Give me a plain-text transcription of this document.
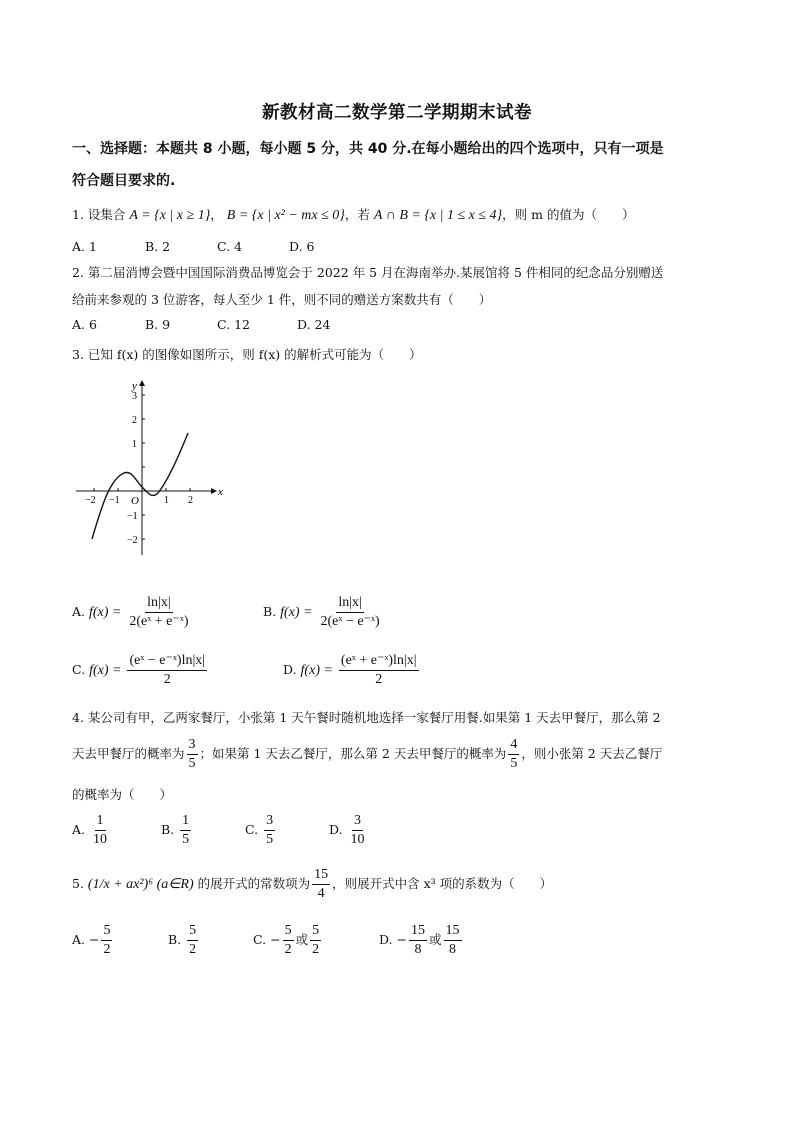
新教材高二数学第二学期期末试卷
一、选择题：本题共 8 小题，每小题 5 分，共 40 分.在每小题给出的四个选项中，只有一项是
符合题目要求的.
1. 设集合 A = {x | x ≥ 1}， B = {x | x² − mx ≤ 0}，若 A ∩ B = {x | 1 ≤ x ≤ 4}，则 m 的值为（　　）
A. 1	B. 2	C. 4	D. 6
2. 第二届消博会暨中国国际消费品博览会于 2022 年 5 月在海南举办.某展馆将 5 件相同的纪念品分别赠送
给前来参观的 3 位游客，每人至少 1 件，则不同的赠送方案数共有（　　）
A. 6	B. 9	C. 12	D. 24
3. 已知 f(x) 的图像如图所示，则 f(x) 的解析式可能为（　　）
x
y
O
−2 −1	1 2
3
2
1
−1
−2
A. $f(x) = \frac{\ln|x|}{\text{2(eˣ + e⁻ˣ)}}$	B. $f(x) = \frac{\ln|x|}{\text{2(eˣ − e⁻ˣ)}}$
C. $f(x) = \frac{\text{(eˣ − e⁻ˣ)ln|x|}}{2}$	D. $f(x) = \frac{\text{(eˣ + e⁻ˣ)ln|x|}}{2}$
4. 某公司有甲，乙两家餐厅，小张第 1 天午餐时随机地选择一家餐厅用餐.如果第 1 天去甲餐厅，那么第 2
天去甲餐厅的概率为 $\frac{3}{5}$ ；如果第 1 天去乙餐厅，那么第 2 天去甲餐厅的概率为 $\frac{4}{5}$ ，则小张第 2 天去乙餐厅
的概率为（　　）
A. $\frac{1}{10}$	B. $\frac{1}{5}$	C. $\frac{3}{5}$	D. $\frac{3}{10}$
5. (1/x + ax²)⁶ (a∈R) 的展开式的常数项为 $\frac{15}{4}$ ，则展开式中含 x³ 项的系数为（　　）
A. − $\frac{5}{2}$	B. $\frac{5}{2}$	C. − $\frac{5}{2}$ 或 $\frac{5}{2}$	D. − $\frac{15}{8}$ 或 $\frac{15}{8}$
